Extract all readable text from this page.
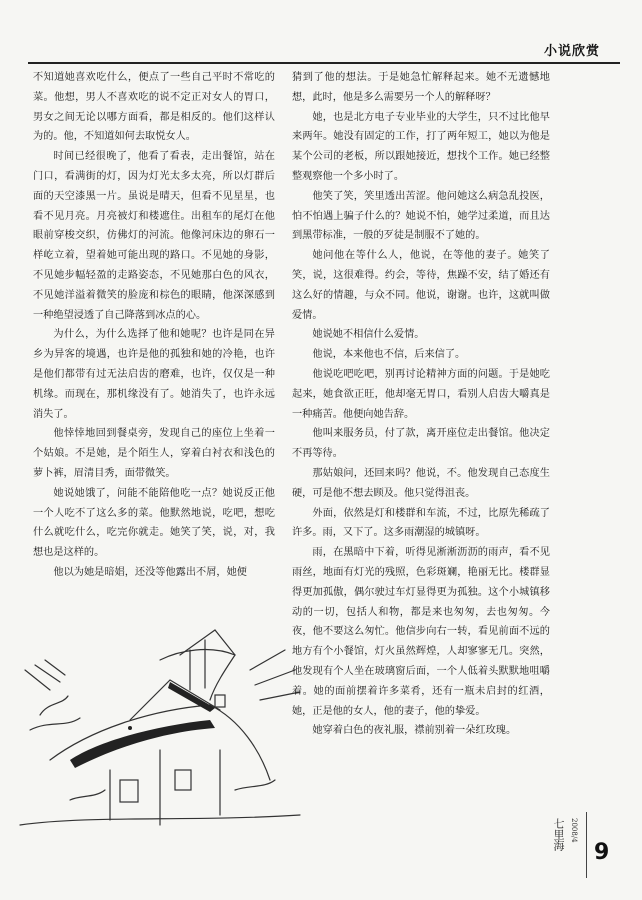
小说欣赏

不知道她喜欢吃什么，便点了一些自己平时不常吃的菜。他想，男人不喜欢吃的说不定正对女人的胃口，男女之间无论以哪方面看，都是相反的。他们这样认为的。他，不知道如何去取悦女人。

时间已经很晚了，他看了看表，走出餐馆，站在门口，看满街的灯，因为灯光太多太亮，所以灯群后面的天空漆黑一片。虽说是晴天，但看不见星星，也看不见月亮。月亮被灯和楼遮住。出租车的尾灯在他眼前穿梭交织，仿佛灯的河流。他像河床边的卵石一样屹立着，望着她可能出现的路口。不见她的身影，不见她步幅轻盈的走路姿态，不见她那白色的风衣，不见她洋溢着微笑的脸庞和棕色的眼睛，他深深感到一种绝望浸透了自己降落到冰点的心。

为什么，为什么选择了他和她呢？也许是同在异乡为异客的境遇，也许是他的孤独和她的冷艳，也许是他们都带有过无法启齿的磨难，也许，仅仅是一种机缘。而现在，那机缘没有了。她消失了，也许永远消失了。

他悻悻地回到餐桌旁，发现自己的座位上坐着一个姑娘。不是她，是个陌生人，穿着白衬衣和浅色的萝卜裤，眉清目秀，面带微笑。

她说她饿了，问能不能陪他吃一点？她说反正他一个人吃不了这么多的菜。他默然地说，吃吧，想吃什么就吃什么，吃完你就走。她笑了笑，说，对，我想也是这样的。

他以为她是暗娼，还没等他露出不屑，她便

猜到了他的想法。于是她急忙解释起来。她不无遗憾地想，此时，他是多么需要另一个人的解释呀？

她，也是北方电子专业毕业的大学生，只不过比他早来两年。她没有固定的工作，打了两年短工，她以为他是某个公司的老板，所以跟她接近，想找个工作。她已经整整观察他一个多小时了。

他笑了笑，笑里透出苦涩。他问她这么病急乱投医，怕不怕遇上骗子什么的？她说不怕，她学过柔道，而且达到黑带标准，一般的歹徒是制服不了她的。

她问他在等什么人，他说，在等他的妻子。她笑了笑，说，这很难得。约会，等待，焦躁不安，结了婚还有这么好的情趣，与众不同。他说，谢谢。也许，这就叫做爱情。

她说她不相信什么爱情。

他说，本来他也不信，后来信了。

他说吃吧吃吧，别再讨论精神方面的问题。于是她吃起来，她食欲正旺，他却毫无胃口，看别人启齿大嚼真是一种痛苦。他便向她告辞。

他叫来服务员，付了款，离开座位走出餐馆。他决定不再等待。

那姑娘问，还回来吗？他说，不。他发现自己态度生硬，可是他不想去顾及。他只觉得沮丧。

外面，依然是灯和楼群和车流，不过，比原先稀疏了许多。雨，又下了。这多雨潮湿的城镇呀。

雨，在黑暗中下着，听得见淅淅沥沥的雨声，看不见雨丝，地面有灯光的残照，色彩斑斓，艳丽无比。楼群显得更加孤傲，偶尔驶过车灯显得更为孤独。这个小城镇移动的一切，包括人和物，都是来也匆匆，去也匆匆。今夜，他不要这么匆忙。他信步向右一转，看见前面不远的地方有个小餐馆，灯火虽然辉煌，人却寥寥无几。突然，他发现有个人坐在玻璃窗后面，一个人低着头默默地咀嚼着。她的面前摆着许多菜肴，还有一瓶未启封的红酒，她，正是他的女人，他的妻子，他的挚爱。

她穿着白色的夜礼服，襟前别着一朵红玫瑰。

七里海 2008/4
9
